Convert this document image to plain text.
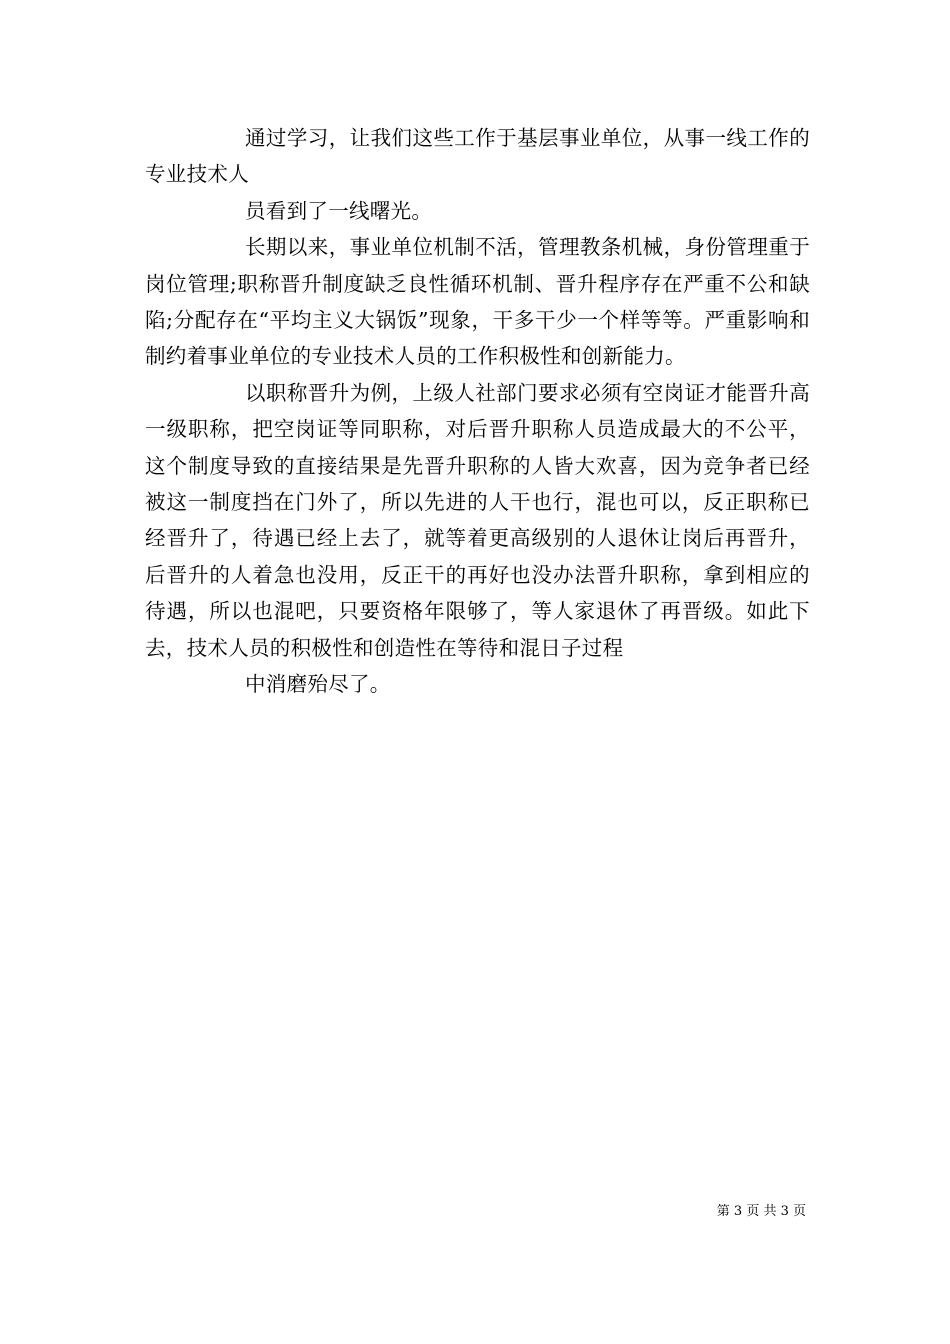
通过学习，让我们这些工作于基层事业单位，从事一线工作的专业技术人

员看到了一线曙光。

长期以来，事业单位机制不活，管理教条机械，身份管理重于岗位管理;职称晋升制度缺乏良性循环机制、晋升程序存在严重不公和缺陷;分配存在“平均主义大锅饭”现象，干多干少一个样等等。严重影响和制约着事业单位的专业技术人员的工作积极性和创新能力。

以职称晋升为例，上级人社部门要求必须有空岗证才能晋升高一级职称，把空岗证等同职称，对后晋升职称人员造成最大的不公平，这个制度导致的直接结果是先晋升职称的人皆大欢喜，因为竞争者已经被这一制度挡在门外了，所以先进的人干也行，混也可以，反正职称已经晋升了，待遇已经上去了，就等着更高级别的人退休让岗后再晋升，后晋升的人着急也没用，反正干的再好也没办法晋升职称，拿到相应的待遇，所以也混吧，只要资格年限够了，等人家退休了再晋级。如此下去，技术人员的积极性和创造性在等待和混日子过程

中消磨殆尽了。

第 3 页 共 3 页
